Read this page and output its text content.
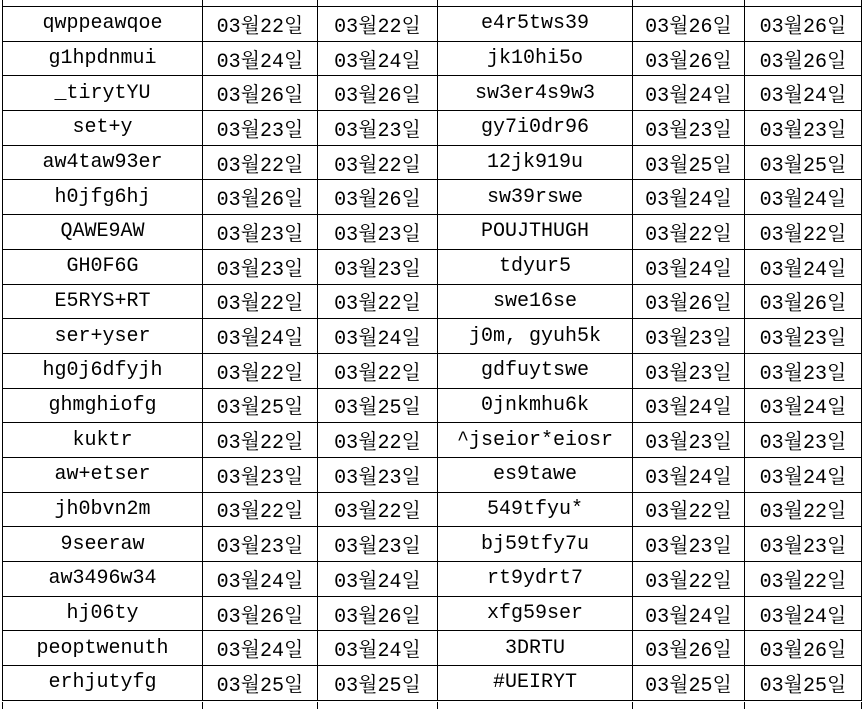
qwppeawqoe	03월22일	03월22일	e4r5tws39	03월26일	03월26일
g1hpdnmui	03월24일	03월24일	jk10hi5o	03월26일	03월26일
_tirytYU	03월26일	03월26일	sw3er4s9w3	03월24일	03월24일
set+y	03월23일	03월23일	gy7i0dr96	03월23일	03월23일
aw4taw93er	03월22일	03월22일	12jk919u	03월25일	03월25일
h0jfg6hj	03월26일	03월26일	sw39rswe	03월24일	03월24일
QAWE9AW	03월23일	03월23일	POUJTHUGH	03월22일	03월22일
GH0F6G	03월23일	03월23일	tdyur5	03월24일	03월24일
E5RYS+RT	03월22일	03월22일	swe16se	03월26일	03월26일
ser+yser	03월24일	03월24일	j0m, gyuh5k	03월23일	03월23일
hg0j6dfyjh	03월22일	03월22일	gdfuytswe	03월23일	03월23일
ghmghiofg	03월25일	03월25일	0jnkmhu6k	03월24일	03월24일
kuktr	03월22일	03월22일	^jseior*eiosr	03월23일	03월23일
aw+etser	03월23일	03월23일	es9tawe	03월24일	03월24일
jh0bvn2m	03월22일	03월22일	549tfyu*	03월22일	03월22일
9seeraw	03월23일	03월23일	bj59tfy7u	03월23일	03월23일
aw3496w34	03월24일	03월24일	rt9ydrt7	03월22일	03월22일
hj06ty	03월26일	03월26일	xfg59ser	03월24일	03월24일
peoptwenuth	03월24일	03월24일	3DRTU	03월26일	03월26일
erhjutyfg	03월25일	03월25일	#UEIRYT	03월25일	03월25일
